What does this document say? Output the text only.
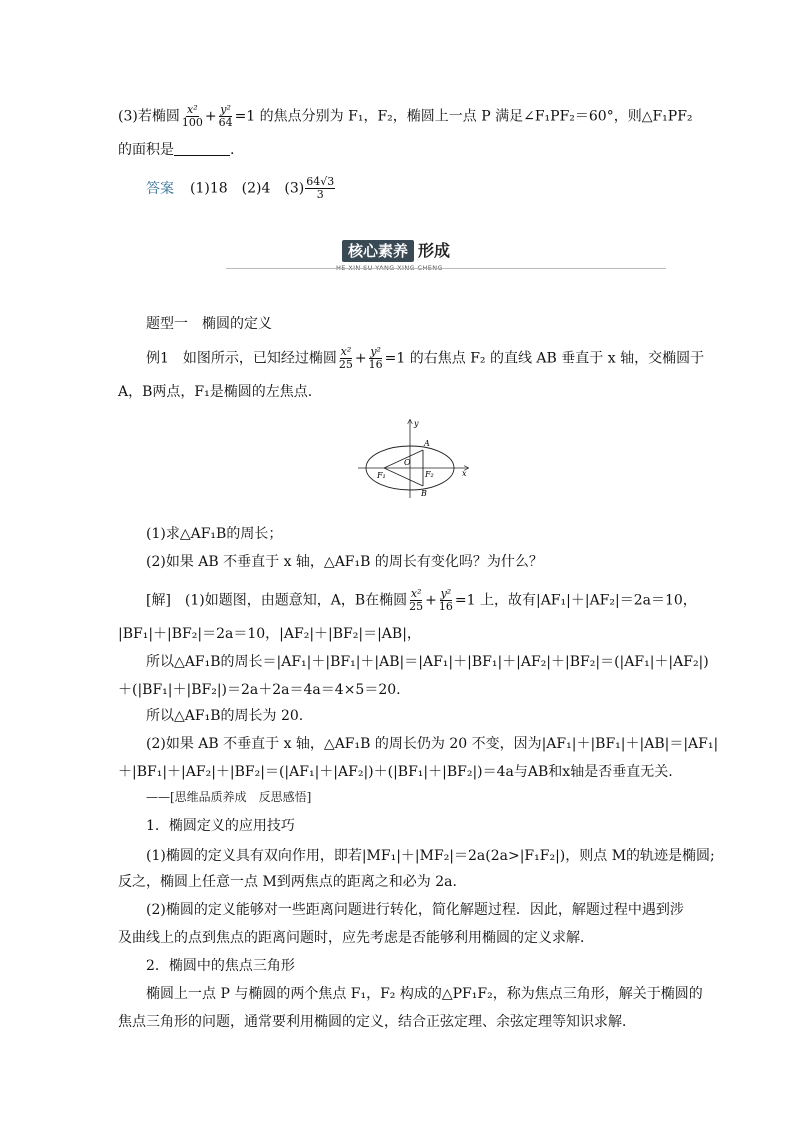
(3)若椭圆 $\frac{\text{x²}}{100} + \frac{\text{y²}}{64} =1$ 的焦点分别为 F₁，F₂，椭圆上一点 P 满足∠F₁PF₂＝60°，则△F₁PF₂
的面积是	.
答案 (1)18　(2)4　$(3) \frac{64√3}{3}$
核心素养 形成
HE XIN SU YANG XING CHENG
题型一　椭圆的定义
例1　如图所示，已知经过椭圆 $\frac{\text{x²}}{25} + \frac{\text{y²}}{16} =1$ 的右焦点 F₂ 的直线 AB 垂直于 x 轴，交椭圆于
A，B两点，F₁是椭圆的左焦点.
y
x
A
B
O
F₁	F₂
(1)求△AF₁B的周长；
(2)如果 AB 不垂直于 x 轴，△AF₁B 的周长有变化吗？为什么？
[解]　(1)如题图，由题意知，A，B在椭圆 $\frac{\text{x²}}{25} + \frac{\text{y²}}{16} =1$ 上，故有|AF₁|＋|AF₂|＝2a＝10，
|BF₁|＋|BF₂|＝2a＝10，|AF₂|＋|BF₂|＝|AB|，
所以△AF₁B的周长＝|AF₁|＋|BF₁|＋|AB|＝|AF₁|＋|BF₁|＋|AF₂|＋|BF₂|＝(|AF₁|＋|AF₂|)
＋(|BF₁|＋|BF₂|)＝2a＋2a＝4a＝4×5＝20.
所以△AF₁B的周长为 20.
(2)如果 AB 不垂直于 x 轴，△AF₁B 的周长仍为 20 不变，因为|AF₁|＋|BF₁|＋|AB|＝|AF₁|
＋|BF₁|＋|AF₂|＋|BF₂|＝(|AF₁|＋|AF₂|)＋(|BF₁|＋|BF₂|)＝4a与AB和x轴是否垂直无关.
——[思维品质养成　反思感悟]
1．椭圆定义的应用技巧
(1)椭圆的定义具有双向作用，即若|MF₁|＋|MF₂|＝2a(2a>|F₁F₂|)，则点 M的轨迹是椭圆;
反之，椭圆上任意一点 M到两焦点的距离之和必为 2a.
(2)椭圆的定义能够对一些距离问题进行转化，简化解题过程．因此，解题过程中遇到涉
及曲线上的点到焦点的距离问题时，应先考虑是否能够利用椭圆的定义求解．
2．椭圆中的焦点三角形
椭圆上一点 P 与椭圆的两个焦点 F₁，F₂ 构成的△PF₁F₂，称为焦点三角形，解关于椭圆的
焦点三角形的问题，通常要利用椭圆的定义，结合正弦定理、余弦定理等知识求解．
